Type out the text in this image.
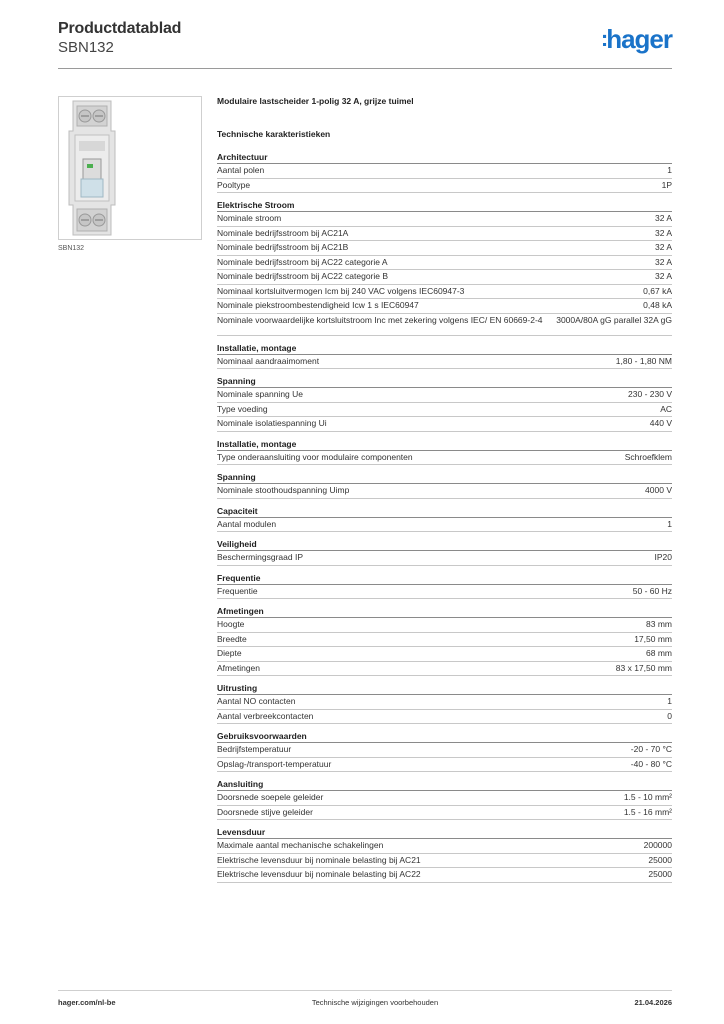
Productdatablad
SBN132	:hager
SBN132
Modulaire lastscheider 1-polig 32 A, grijze tuimel
Technische karakteristieken
Architectuur
Aantal polen	1
Pooltype	1P
Elektrische Stroom
Nominale stroom	32 A
Nominale bedrijfsstroom bij AC21A	32 A
Nominale bedrijfsstroom bij AC21B	32 A
Nominale bedrijfsstroom bij AC22 categorie A	32 A
Nominale bedrijfsstroom bij AC22 categorie B	32 A
Nominaal kortsluitvermogen Icm bij 240 VAC volgens IEC60947-3	0,67 kA
Nominale piekstroombestendigheid Icw 1 s IEC60947	0,48 kA
Nominale voorwaardelijke kortsluitstroom Inc met zekering volgens IEC/ EN 60669-2-4	3000A/80A gG parallel 32A gG
Installatie, montage
Nominaal aandraaimoment	1,80 - 1,80 NM
Spanning
Nominale spanning Ue	230 - 230 V
Type voeding	AC
Nominale isolatiespanning Ui	440 V
Installatie, montage
Type onderaansluiting voor modulaire componenten	Schroefklem
Spanning
Nominale stoothoudspanning Uimp	4000 V
Capaciteit
Aantal modulen	1
Veiligheid
Beschermingsgraad IP	IP20
Frequentie
Frequentie	50 - 60 Hz
Afmetingen
Hoogte	83 mm
Breedte	17,50 mm
Diepte	68 mm
Afmetingen	83 x 17,50 mm
Uitrusting
Aantal NO contacten	1
Aantal verbreekcontacten	0
Gebruiksvoorwaarden
Bedrijfstemperatuur	-20 - 70 °C
Opslag-/transport-temperatuur	-40 - 80 °C
Aansluiting
Doorsnede soepele geleider	1.5 - 10 mm²
Doorsnede stijve geleider	1.5 - 16 mm²
Levensduur
Maximale aantal mechanische schakelingen	200000
Elektrische levensduur bij nominale belasting bij AC21	25000
Elektrische levensduur bij nominale belasting bij AC22	25000
hager.com/nl-be	Technische wijzigingen voorbehouden	21.04.2026
